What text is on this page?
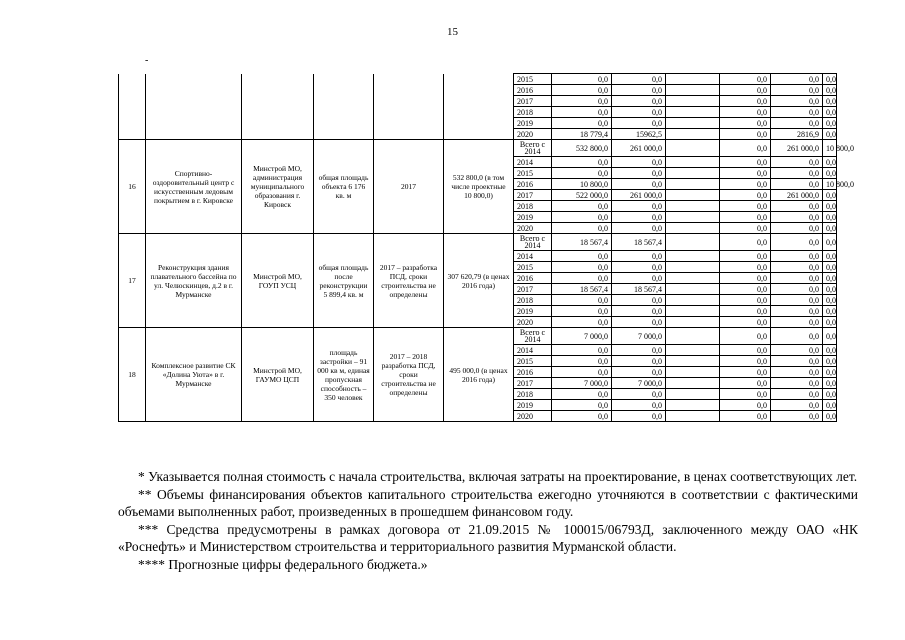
15
-
						2015	0,0	0,0		0,0	0,0	0,0	
						2016	0,0	0,0		0,0	0,0	0,0	
						2017	0,0	0,0		0,0	0,0	0,0	
						2018	0,0	0,0		0,0	0,0	0,0	
						2019	0,0	0,0		0,0	0,0	0,0	
						2020	18 779,4	15962,5		0,0	2816,9	0,0	
16	Спортивно-оздоровительный центр с искусственным ледовым покрытием в г. Кировске	Минстрой МО, администрация муниципального образования г. Кировск	общая площадь объекта 6 176 кв. м	2017	532 800,0 (в том числе проектные 10 800,0)	Всего с 2014	532 800,0	261 000,0		0,0	261 000,0	10 800,0	
						2014	0,0	0,0		0,0	0,0	0,0	
						2015	0,0	0,0		0,0	0,0	0,0	
						2016	10 800,0	0,0		0,0	0,0	10 800,0	
						2017	522 000,0	261 000,0		0,0	261 000,0	0,0	
						2018	0,0	0,0		0,0	0,0	0,0	
						2019	0,0	0,0		0,0	0,0	0,0	
						2020	0,0	0,0		0,0	0,0	0,0	
17	Реконструкция здания плавательного бассейна по ул. Челюскинцев, д.2 в г. Мурманске	Минстрой МО, ГОУП УСЦ	общая площадь после реконструкции 5 899,4 кв. м	2017 – разработка ПСД, сроки строительства не определены	307 620,79 (в ценах 2016 года)	Всего с 2014	18 567,4	18 567,4		0,0	0,0	0,0	
						2014	0,0	0,0		0,0	0,0	0,0	
						2015	0,0	0,0		0,0	0,0	0,0	
						2016	0,0	0,0		0,0	0,0	0,0	
						2017	18 567,4	18 567,4		0,0	0,0	0,0	
						2018	0,0	0,0		0,0	0,0	0,0	
						2019	0,0	0,0		0,0	0,0	0,0	
						2020	0,0	0,0		0,0	0,0	0,0	
18	Комплексное развитие СК «Долина Уюта» в г. Мурманске	Минстрой МО, ГАУМО ЦСП	площадь застройки – 91 000 кв м, единая пропускная способность – 350 человек	2017 – 2018 разработка ПСД, сроки строительства не определены	495 000,0 (в ценах 2016 года)	Всего с 2014	7 000,0	7 000,0		0,0	0,0	0,0	
						2014	0,0	0,0		0,0	0,0	0,0	
						2015	0,0	0,0		0,0	0,0	0,0	
						2016	0,0	0,0		0,0	0,0	0,0	
						2017	7 000,0	7 000,0		0,0	0,0	0,0	
						2018	0,0	0,0		0,0	0,0	0,0	
						2019	0,0	0,0		0,0	0,0	0,0	
						2020	0,0	0,0		0,0	0,0	0,0	

* Указывается полная стоимость с начала строительства, включая затраты на проектирование, в ценах соответствующих лет.

** Объемы финансирования объектов капитального строительства ежегодно уточняются в соответствии с фактическими объемами выполненных работ, произведенных в прошедшем финансовом году.

*** Средства предусмотрены в рамках договора от 21.09.2015 № 100015/06793Д, заключенного между ОАО «НК «Роснефть» и Министерством строительства и территориального развития Мурманской области.

**** Прогнозные цифры федерального бюджета.»
